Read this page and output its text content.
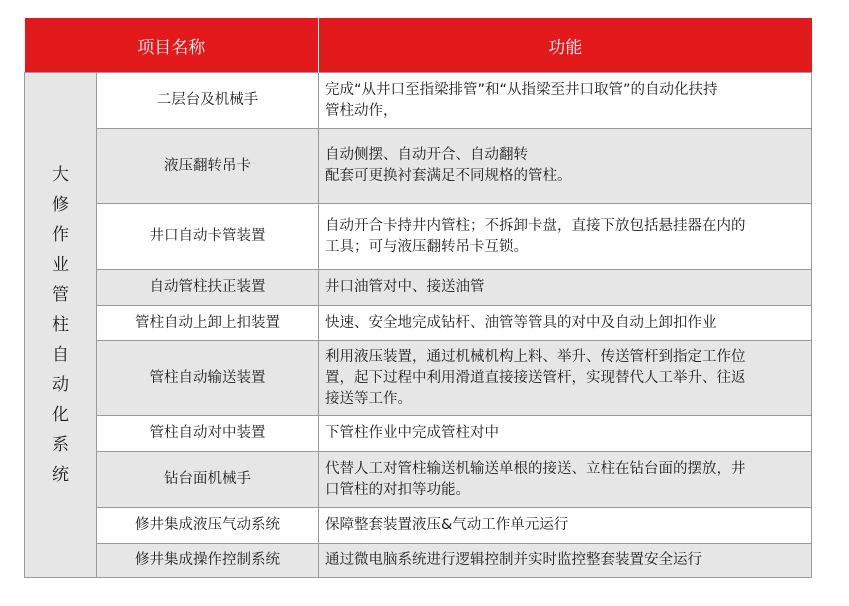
项目名称		功能
大修作业管柱自动化系统	二层台及机械手	完成“从井口至指梁排管”和“从指梁至井口取管”的自动化扶持
管柱动作，

	液压翻转吊卡	自动侧摆、自动开合、自动翻转
配套可更换衬套满足不同规格的管柱。

	井口自动卡管装置	自动开合卡持井内管柱；不拆卸卡盘，直接下放包括悬挂器在内的
工具；可与液压翻转吊卡互锁。

	自动管柱扶正装置	井口油管对中、接送油管

	管柱自动上卸上扣装置	快速、安全地完成钻杆、油管等管具的对中及自动上卸扣作业

	管柱自动输送装置	利用液压装置，通过机械机构上料、举升、传送管杆到指定工作位
置，起下过程中利用滑道直接接送管杆，实现替代人工举升、往返
接送等工作。

	管柱自动对中装置	下管柱作业中完成管柱对中

	钻台面机械手	代替人工对管柱输送机输送单根的接送、立柱在钻台面的摆放，井
口管柱的对扣等功能。

	修井集成液压气动系统	保障整套装置液压&气动工作单元运行

	修井集成操作控制系统	通过微电脑系统进行逻辑控制并实时监控整套装置安全运行
